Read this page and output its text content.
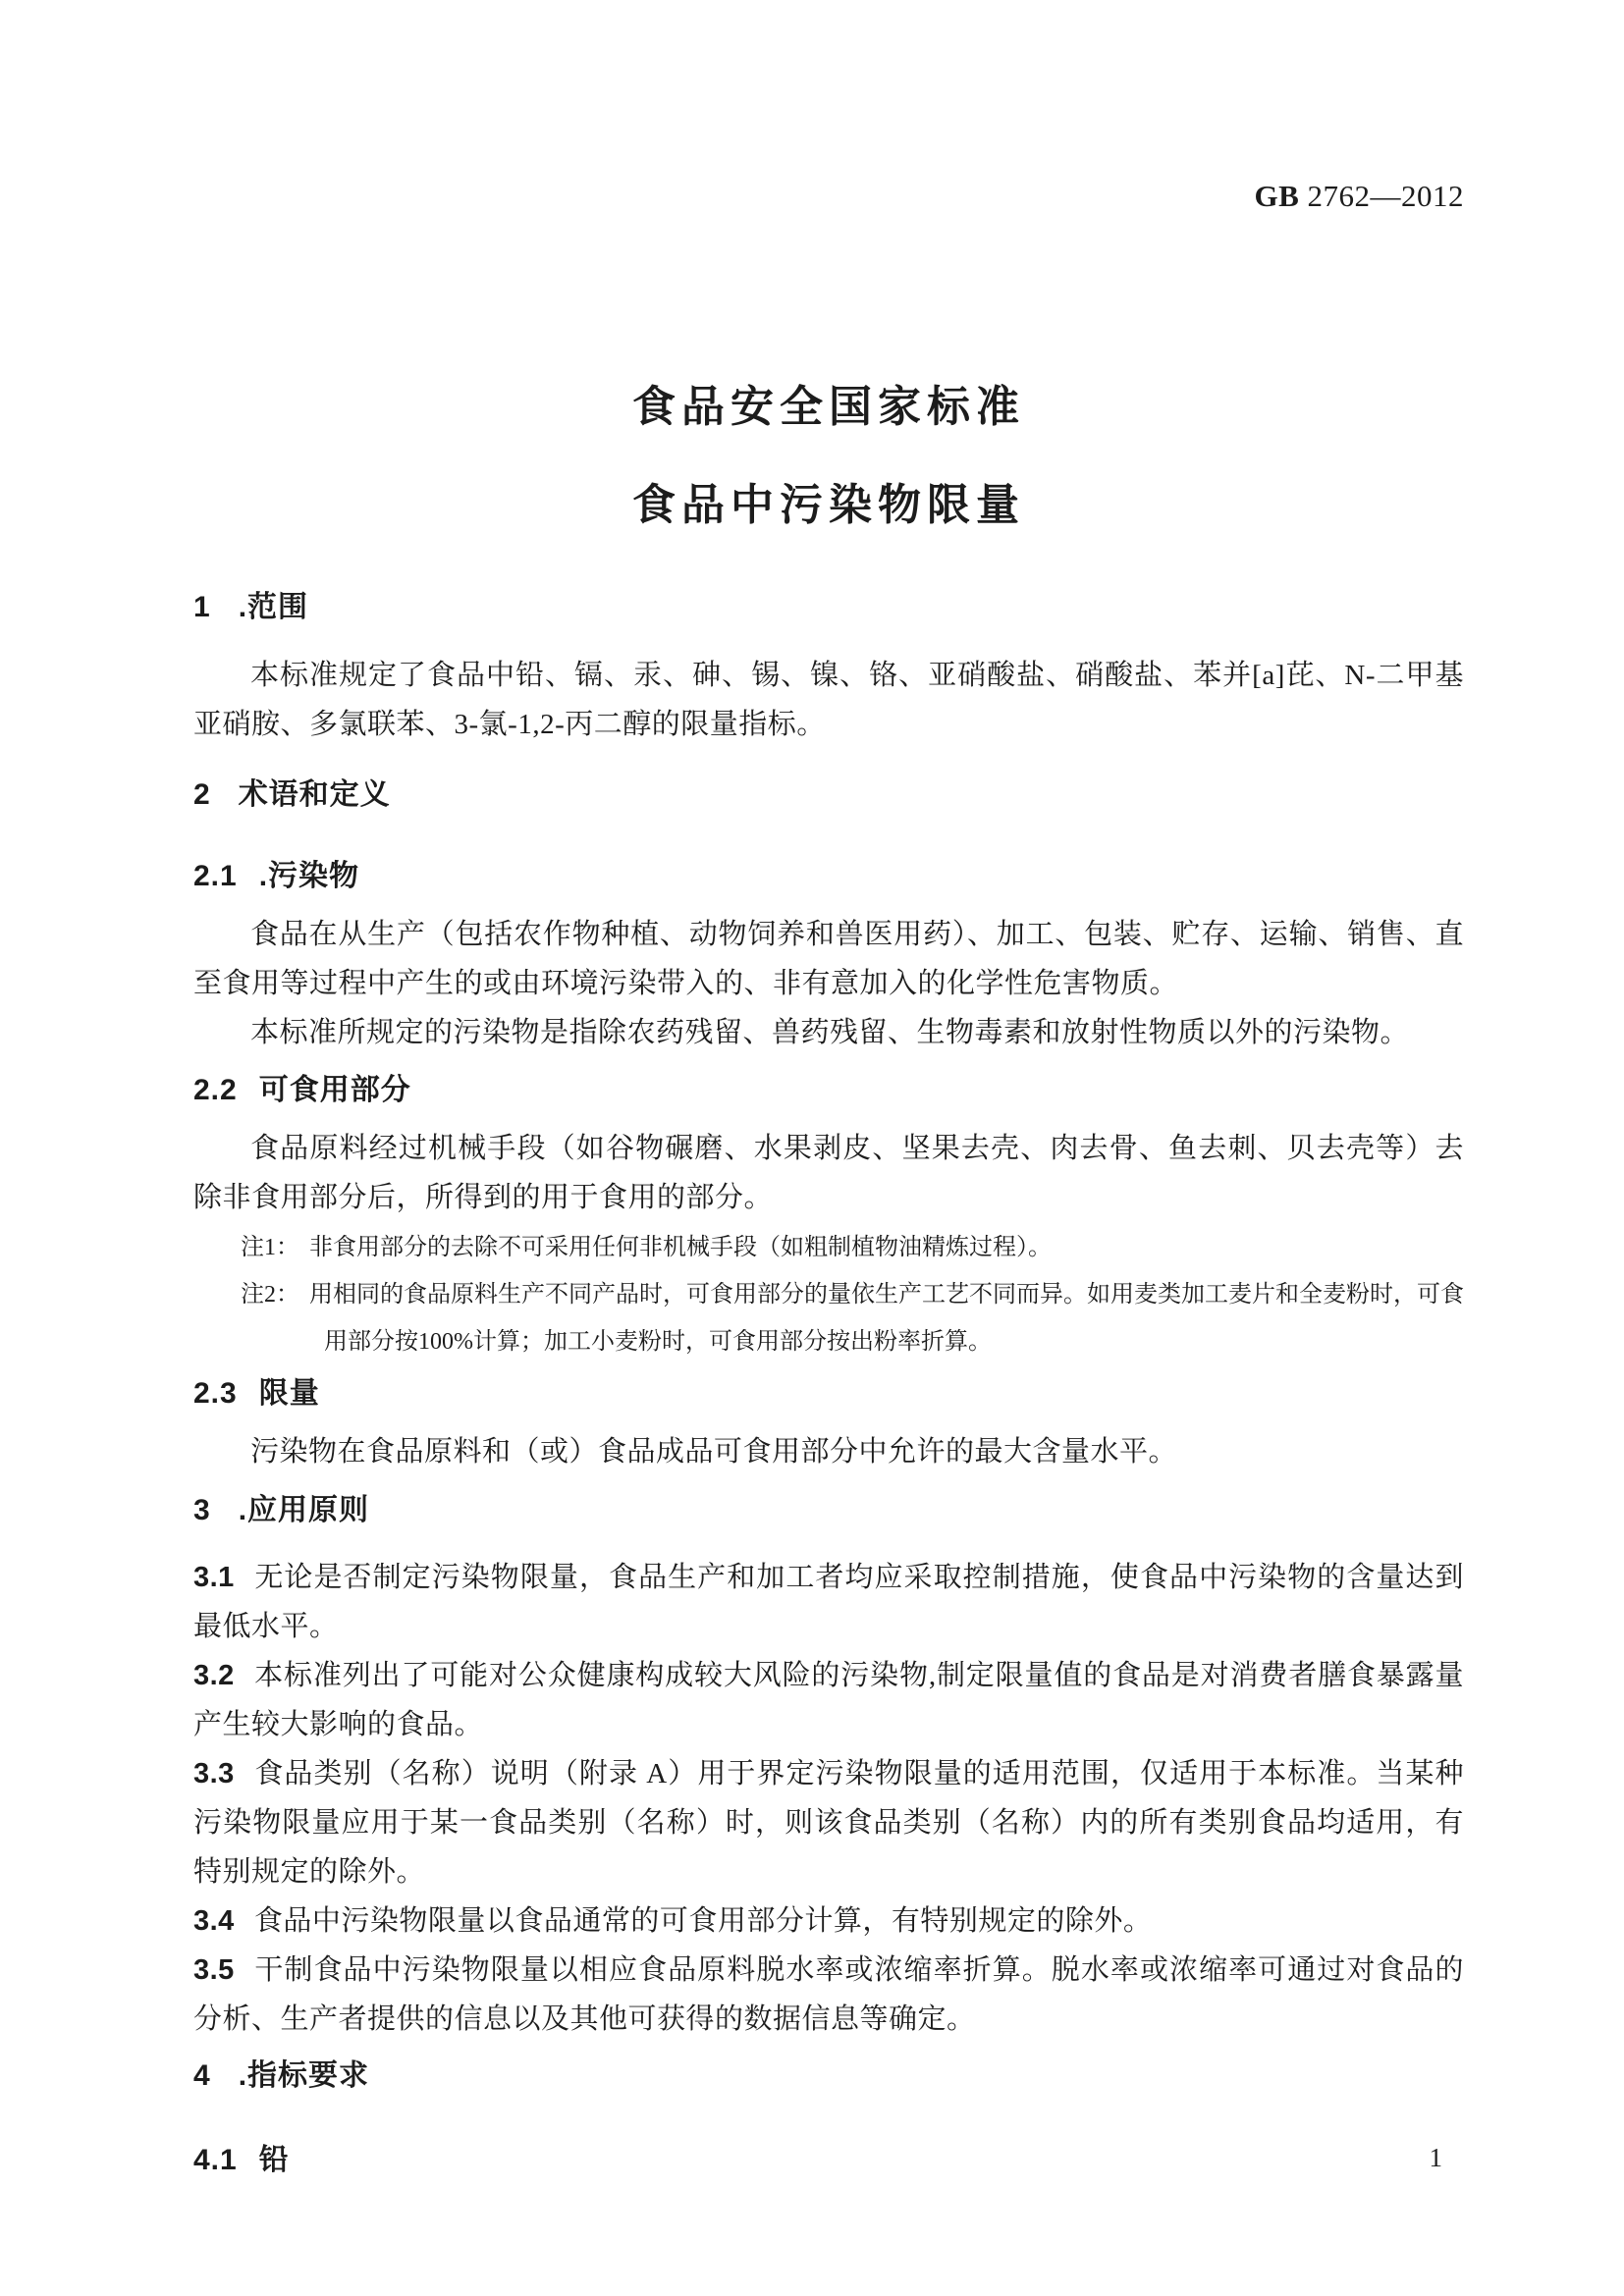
GB 2762—2012
食品安全国家标准
食品中污染物限量
1 .范围
本标准规定了食品中铅、镉、汞、砷、锡、镍、铬、亚硝酸盐、硝酸盐、苯并[a]芘、N-二甲基亚硝胺、多氯联苯、3-氯-1,2-丙二醇的限量指标。
2 术语和定义
2.1 .污染物
食品在从生产（包括农作物种植、动物饲养和兽医用药）、加工、包装、贮存、运输、销售、直至食用等过程中产生的或由环境污染带入的、非有意加入的化学性危害物质。
本标准所规定的污染物是指除农药残留、兽药残留、生物毒素和放射性物质以外的污染物。
2.2 可食用部分
食品原料经过机械手段（如谷物碾磨、水果剥皮、坚果去壳、肉去骨、鱼去刺、贝去壳等）去除非食用部分后，所得到的用于食用的部分。
注1： 非食用部分的去除不可采用任何非机械手段（如粗制植物油精炼过程）。
注2： 用相同的食品原料生产不同产品时，可食用部分的量依生产工艺不同而异。如用麦类加工麦片和全麦粉时，可食用部分按100%计算；加工小麦粉时，可食用部分按出粉率折算。
2.3 限量
污染物在食品原料和（或）食品成品可食用部分中允许的最大含量水平。
3 .应用原则
3.1 无论是否制定污染物限量，食品生产和加工者均应采取控制措施，使食品中污染物的含量达到最低水平。
3.2 本标准列出了可能对公众健康构成较大风险的污染物,制定限量值的食品是对消费者膳食暴露量产生较大影响的食品。
3.3 食品类别（名称）说明（附录 A）用于界定污染物限量的适用范围，仅适用于本标准。当某种污染物限量应用于某一食品类别（名称）时，则该食品类别（名称）内的所有类别食品均适用，有特别规定的除外。
3.4 食品中污染物限量以食品通常的可食用部分计算，有特别规定的除外。
3.5 干制食品中污染物限量以相应食品原料脱水率或浓缩率折算。脱水率或浓缩率可通过对食品的分析、生产者提供的信息以及其他可获得的数据信息等确定。
4 .指标要求
4.1 铅	1
